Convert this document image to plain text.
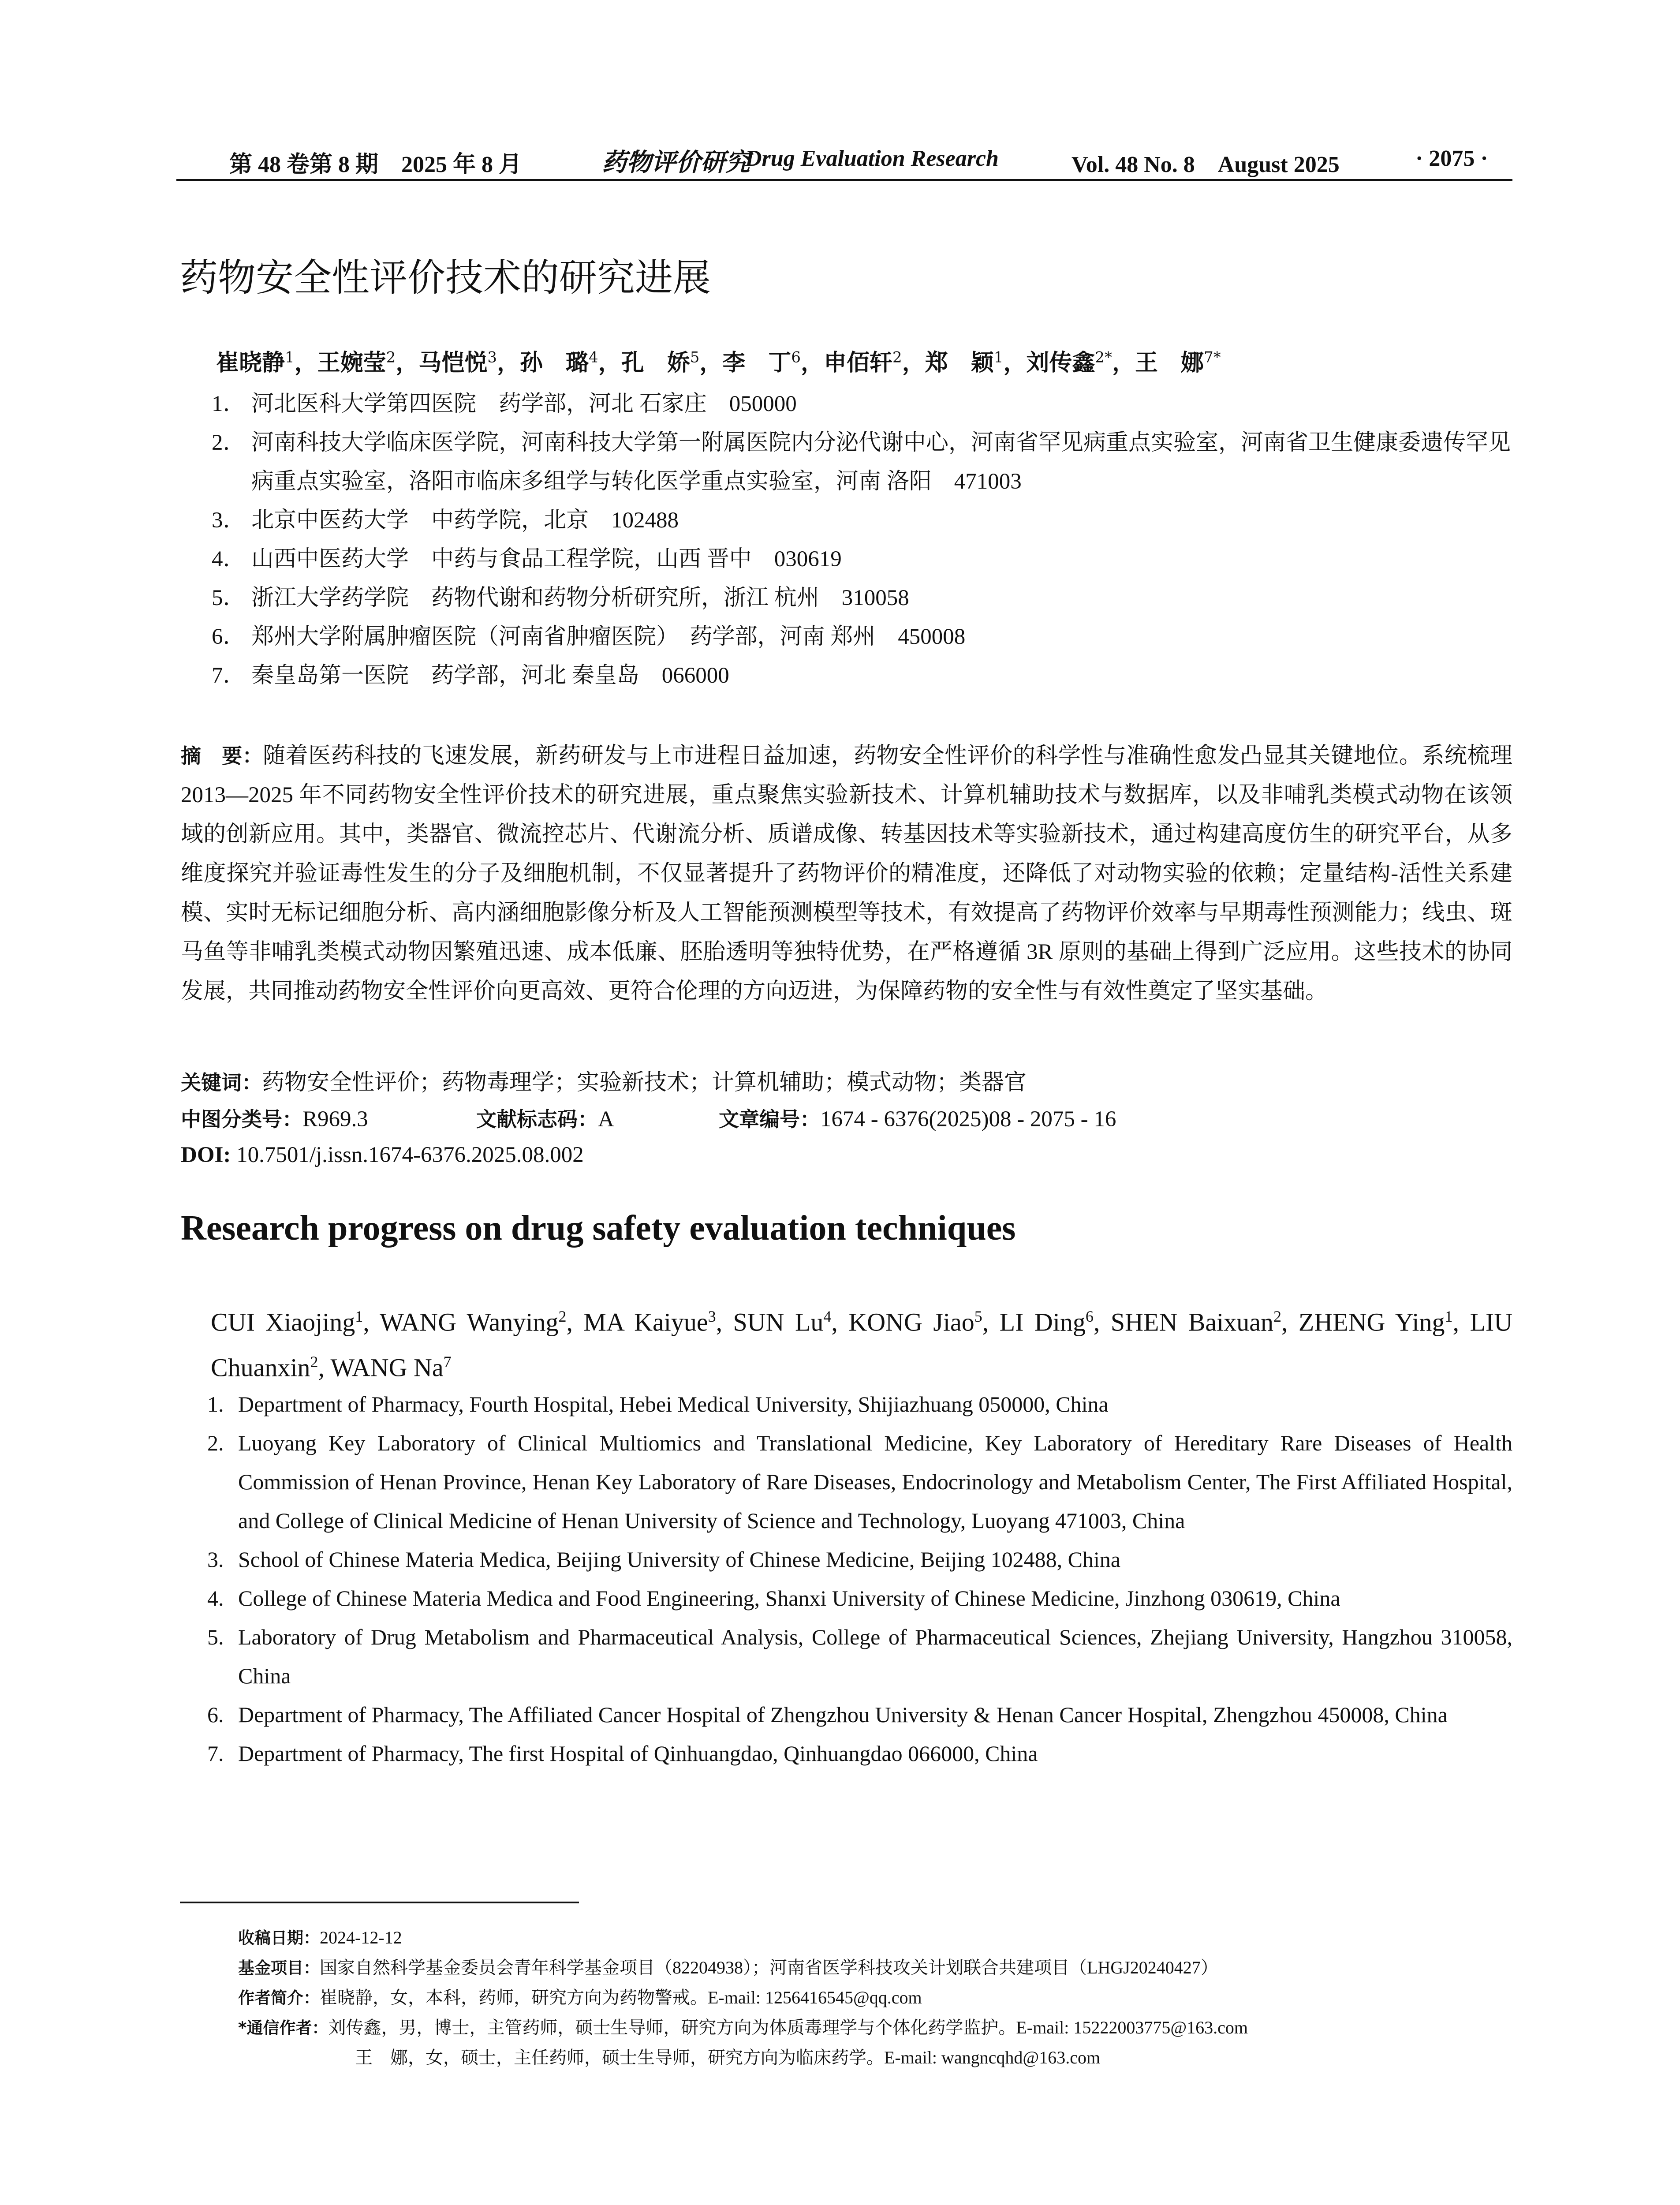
第 48 卷第 8 期　2025 年 8 月	药物评价研究
Drug Evaluation Research	Vol. 48 No. 8　August 2025	· 2075 ·
药物安全性评价技术的研究进展
崔晓静$^1$，王婉莹$^2$，马恺悦$^3$，孙　璐$^4$，孔　娇$^5$，李　丁$^6$，申佰轩$^2$，郑　颖$^1$，刘传鑫$^{2*}$，王　娜$^{7*}$
1． 河北医科大学第四医院　药学部，河北 石家庄　050000
2． 河南科技大学临床医学院，河南科技大学第一附属医院内分泌代谢中心，河南省罕见病重点实验室，河南省卫生健康委遗传罕见病重点实验室，洛阳市临床多组学与转化医学重点实验室，河南 洛阳　471003
3． 北京中医药大学　中药学院，北京　102488
4． 山西中医药大学　中药与食品工程学院，山西 晋中　030619
5． 浙江大学药学院　药物代谢和药物分析研究所，浙江 杭州　310058
6． 郑州大学附属肿瘤医院（河南省肿瘤医院）　药学部，河南 郑州　450008
7． 秦皇岛第一医院　药学部，河北 秦皇岛　066000
摘　要：随着医药科技的飞速发展，新药研发与上市进程日益加速，药物安全性评价的科学性与准确性愈发凸显其关键地位。系统梳理 2013—2025 年不同药物安全性评价技术的研究进展，重点聚焦实验新技术、计算机辅助技术与数据库，以及非哺乳类模式动物在该领域的创新应用。其中，类器官、微流控芯片、代谢流分析、质谱成像、转基因技术等实验新技术，通过构建高度仿生的研究平台，从多维度探究并验证毒性发生的分子及细胞机制，不仅显著提升了药物评价的精准度，还降低了对动物实验的依赖；定量结构-活性关系建模、实时无标记细胞分析、高内涵细胞影像分析及人工智能预测模型等技术，有效提高了药物评价效率与早期毒性预测能力；线虫、斑马鱼等非哺乳类模式动物因繁殖迅速、成本低廉、胚胎透明等独特优势，在严格遵循 3R 原则的基础上得到广泛应用。这些技术的协同发展，共同推动药物安全性评价向更高效、更符合伦理的方向迈进，为保障药物的安全性与有效性奠定了坚实基础。
关键词：药物安全性评价；药物毒理学；实验新技术；计算机辅助；模式动物；类器官
中图分类号：R969.3	文献标志码：A	文章编号：1674 - 6376(2025)08 - 2075 - 16
DOI: 10.7501/j.issn.1674-6376.2025.08.002
Research progress on drug safety evaluation techniques
CUI Xiaojing$^1$, WANG Wanying$^2$, MA Kaiyue$^3$, SUN Lu$^4$, KONG Jiao$^5$, LI Ding$^6$, SHEN Baixuan$^2$, ZHENG Ying$^1$, LIU Chuanxin$^2$, WANG Na$^7$
1. Department of Pharmacy, Fourth Hospital, Hebei Medical University, Shijiazhuang 050000, China
2. Luoyang Key Laboratory of Clinical Multiomics and Translational Medicine, Key Laboratory of Hereditary Rare Diseases of Health Commission of Henan Province, Henan Key Laboratory of Rare Diseases, Endocrinology and Metabolism Center, The First Affiliated Hospital, and College of Clinical Medicine of Henan University of Science and Technology, Luoyang 471003, China
3. School of Chinese Materia Medica, Beijing University of Chinese Medicine, Beijing 102488, China
4. College of Chinese Materia Medica and Food Engineering, Shanxi University of Chinese Medicine, Jinzhong 030619, China
5. Laboratory of Drug Metabolism and Pharmaceutical Analysis, College of Pharmaceutical Sciences, Zhejiang University, Hangzhou 310058, China
6. Department of Pharmacy, The Affiliated Cancer Hospital of Zhengzhou University & Henan Cancer Hospital, Zhengzhou 450008, China
7. Department of Pharmacy, The first Hospital of Qinhuangdao, Qinhuangdao 066000, China
收稿日期：2024-12-12
基金项目：国家自然科学基金委员会青年科学基金项目（82204938）；河南省医学科技攻关计划联合共建项目（LHGJ20240427）
作者简介：崔晓静，女，本科，药师，研究方向为药物警戒。E-mail: 1256416545@qq.com
*通信作者：刘传鑫，男，博士，主管药师，硕士生导师，研究方向为体质毒理学与个体化药学监护。E-mail: 15222003775@163.com
王　娜，女，硕士，主任药师，硕士生导师，研究方向为临床药学。E-mail: wangncqhd@163.com
